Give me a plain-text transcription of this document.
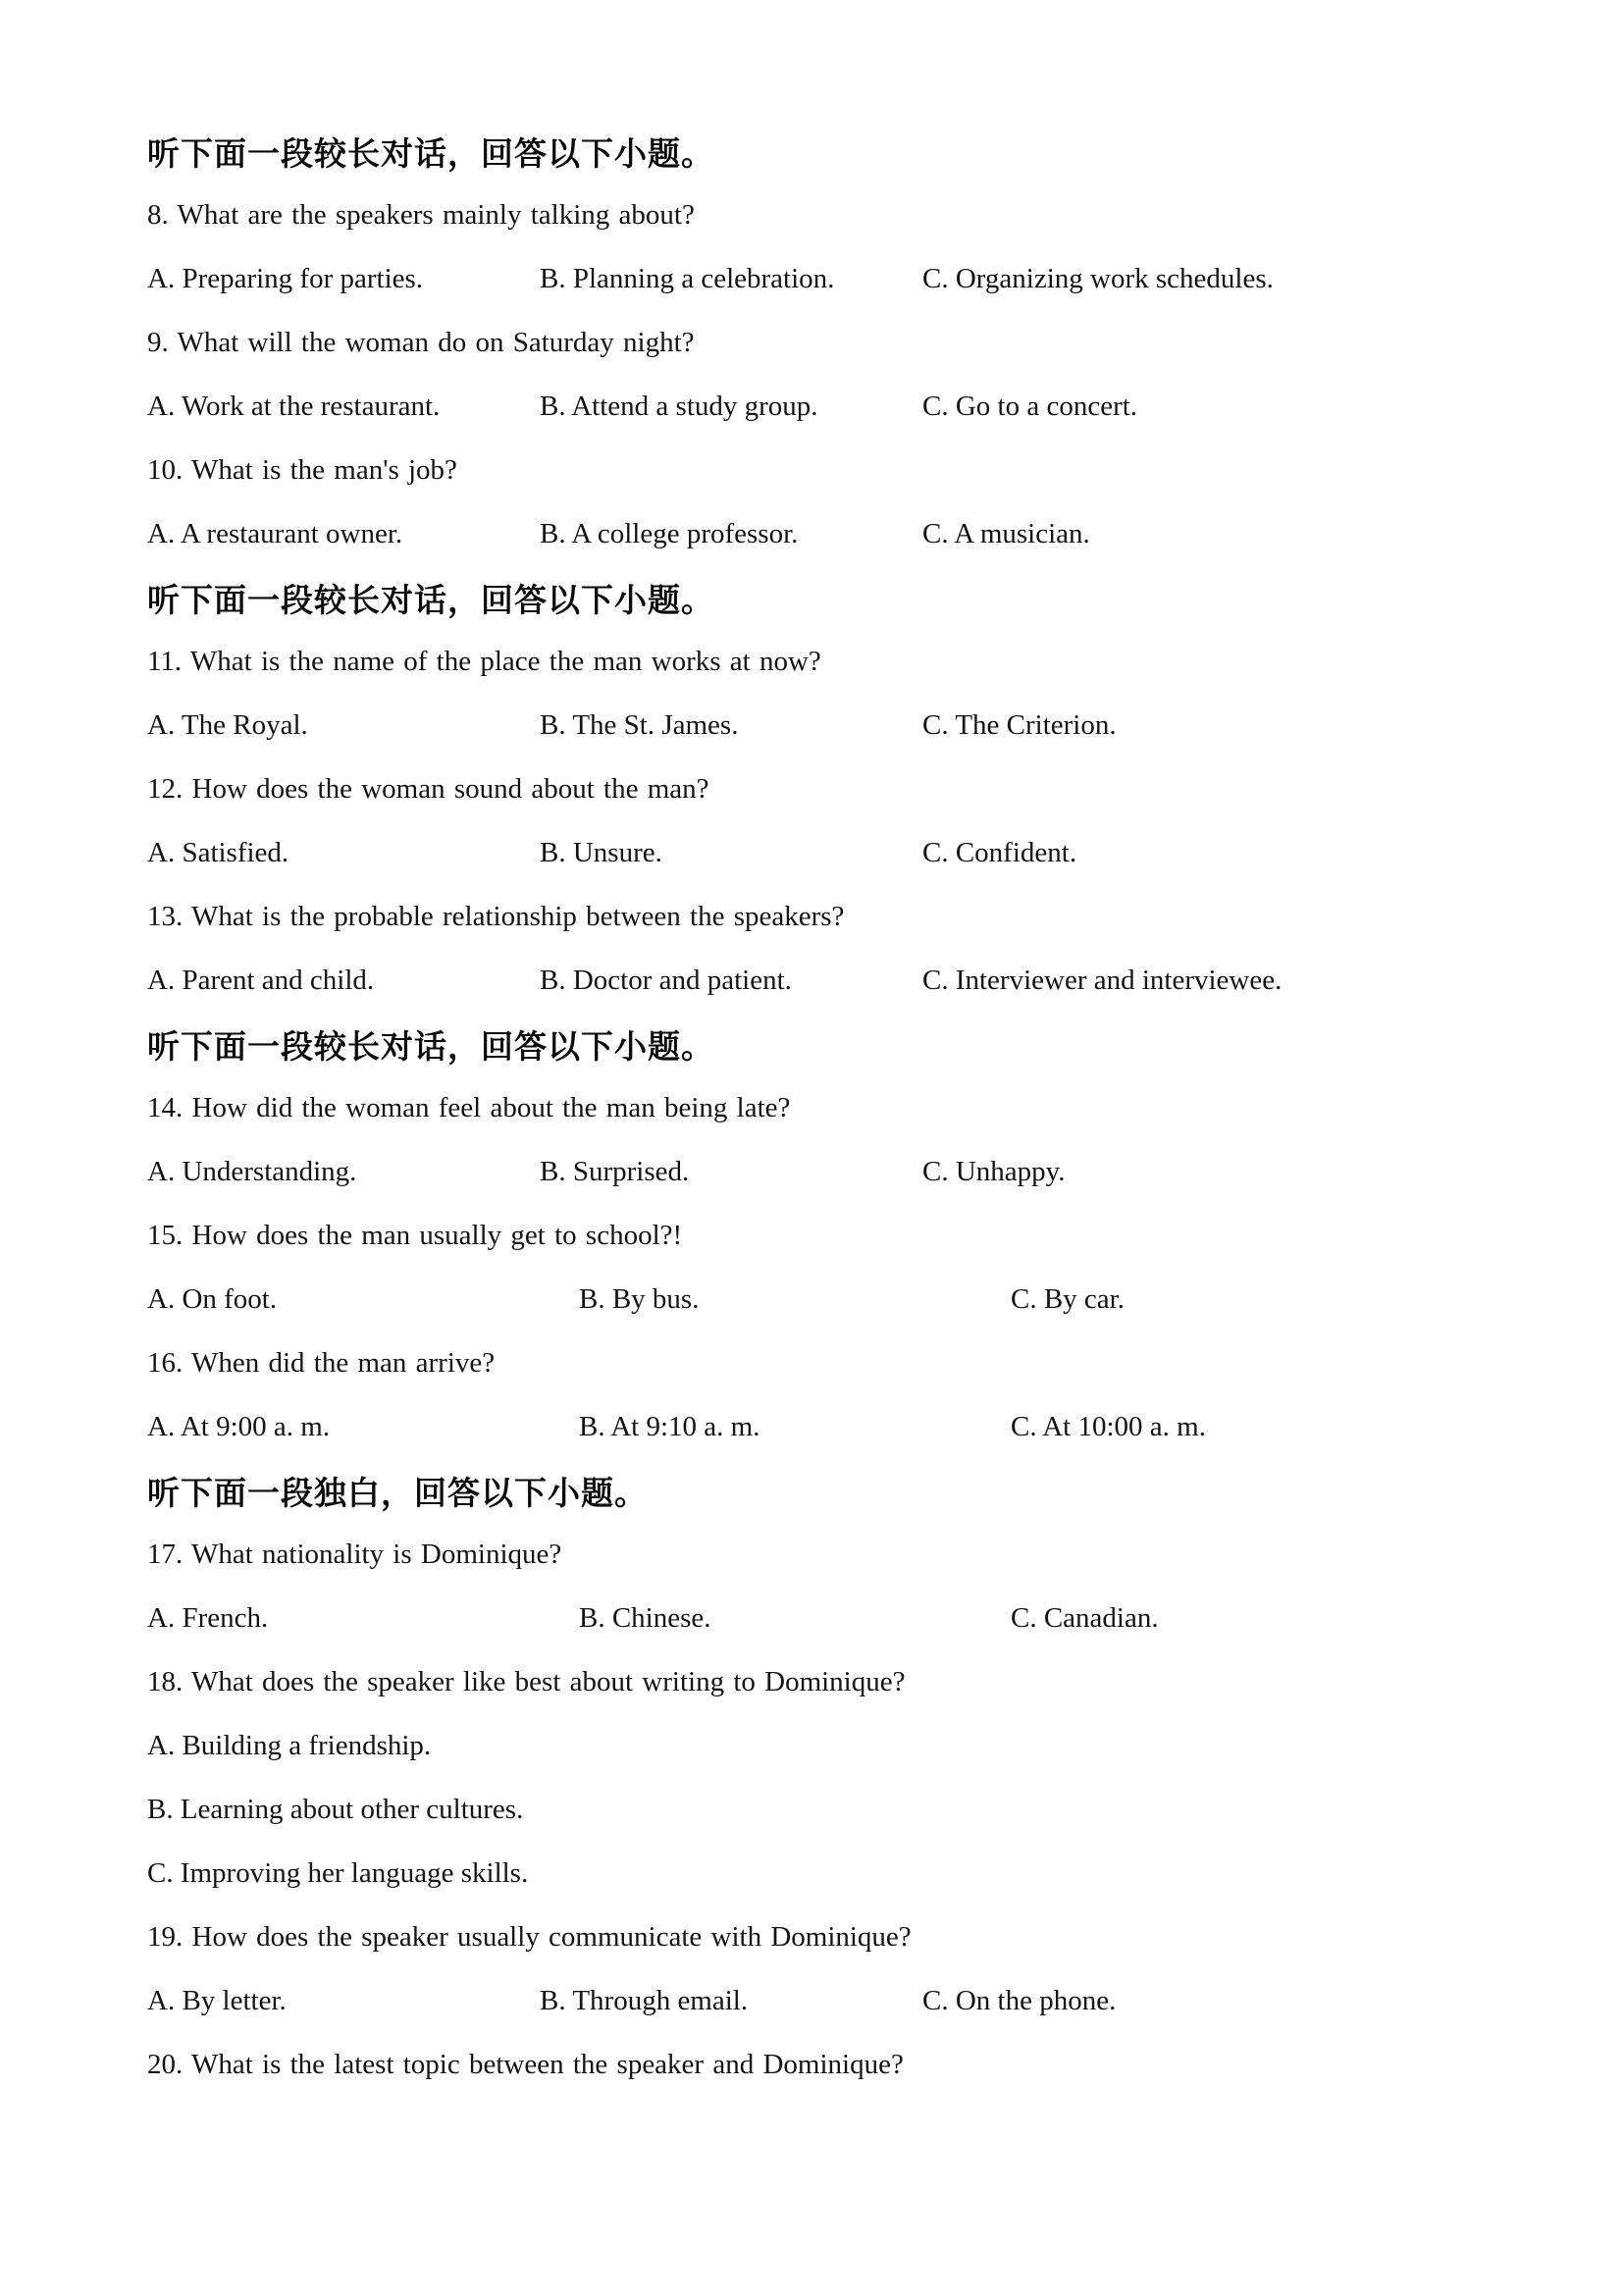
听下面一段较长对话，回答以下小题。
8. What are the speakers mainly talking about?
A. Preparing for parties.	B. Planning a celebration.	C. Organizing work schedules.
9. What will the woman do on Saturday night?
A. Work at the restaurant.	B. Attend a study group.	C. Go to a concert.
10. What is the man's job?
A. A restaurant owner.	B. A college professor.	C. A musician.
听下面一段较长对话，回答以下小题。
11. What is the name of the place the man works at now?
A. The Royal.	B. The St. James.	C. The Criterion.
12. How does the woman sound about the man?
A. Satisfied.	B. Unsure.	C. Confident.
13. What is the probable relationship between the speakers?
A. Parent and child.	B. Doctor and patient.	C. Interviewer and interviewee.
听下面一段较长对话，回答以下小题。
14. How did the woman feel about the man being late?
A. Understanding.	B. Surprised.	C. Unhappy.
15. How does the man usually get to school?!
A. On foot.	B. By bus.	C. By car.
16. When did the man arrive?
A. At 9:00 a. m.	B. At 9:10 a. m.	C. At 10:00 a. m.
听下面一段独白，回答以下小题。
17. What nationality is Dominique?
A. French.	B. Chinese.	C. Canadian.
18. What does the speaker like best about writing to Dominique?
A. Building a friendship.
B. Learning about other cultures.
C. Improving her language skills.
19. How does the speaker usually communicate with Dominique?
A. By letter.	B. Through email.	C. On the phone.
20. What is the latest topic between the speaker and Dominique?
